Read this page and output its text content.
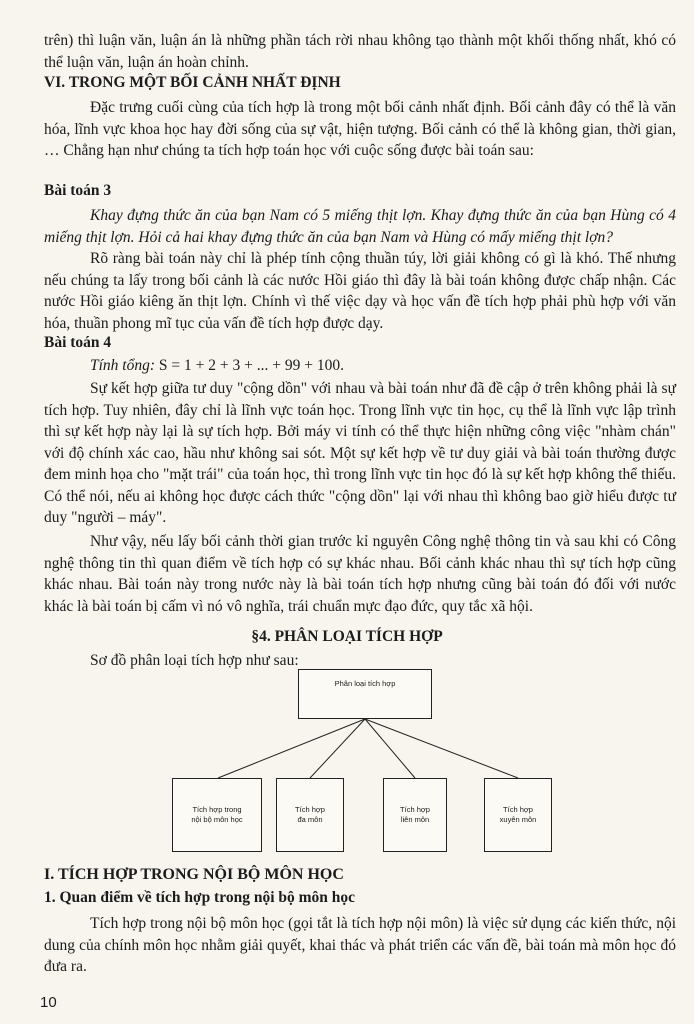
trên) thì luận văn, luận án là những phần tách rời nhau không tạo thành một khối thống nhất, khó có thể luận văn, luận án hoàn chỉnh.

VI. TRONG MỘT BỐI CẢNH NHẤT ĐỊNH

Đặc trưng cuối cùng của tích hợp là trong một bối cảnh nhất định. Bối cảnh đây có thể là văn hóa, lĩnh vực khoa học hay đời sống của sự vật, hiện tượng. Bối cảnh có thể là không gian, thời gian, … Chẳng hạn như chúng ta tích hợp toán học với cuộc sống được bài toán sau:

Bài toán 3

Khay đựng thức ăn của bạn Nam có 5 miếng thịt lợn. Khay đựng thức ăn của bạn Hùng có 4 miếng thịt lợn. Hỏi cả hai khay đựng thức ăn của bạn Nam và Hùng có mấy miếng thịt lợn?

Rõ ràng bài toán này chỉ là phép tính cộng thuần túy, lời giải không có gì là khó. Thế nhưng nếu chúng ta lấy trong bối cảnh là các nước Hồi giáo thì đây là bài toán không được chấp nhận. Các nước Hồi giáo kiêng ăn thịt lợn. Chính vì thế việc dạy và học vấn đề tích hợp phải phù hợp với văn hóa, thuần phong mĩ tục của vấn đề tích hợp được dạy.

Bài toán 4

Tính tổng: S = 1 + 2 + 3 + ... + 99 + 100.

Sự kết hợp giữa tư duy "cộng dồn" với nhau và bài toán như đã đề cập ở trên không phải là sự tích hợp. Tuy nhiên, đây chỉ là lĩnh vực toán học. Trong lĩnh vực tin học, cụ thể là lĩnh vực lập trình thì sự kết hợp này lại là sự tích hợp. Bởi máy vi tính có thể thực hiện những công việc "nhàm chán" với độ chính xác cao, hầu như không sai sót. Một sự kết hợp về tư duy giải và bài toán thường được đem minh họa cho "mặt trái" của toán học, thì trong lĩnh vực tin học đó là sự kết hợp không thể thiếu. Có thể nói, nếu ai không học được cách thức "cộng dồn" lại với nhau thì không bao giờ hiểu được tư duy "người – máy".

Như vậy, nếu lấy bối cảnh thời gian trước kỉ nguyên Công nghệ thông tin và sau khi có Công nghệ thông tin thì quan điểm về tích hợp có sự khác nhau. Bối cảnh khác nhau thì sự tích hợp cũng khác nhau. Bài toán này trong nước này là bài toán tích hợp nhưng cũng bài toán đó đối với nước khác là bài toán bị cấm vì nó vô nghĩa, trái chuẩn mực đạo đức, quy tắc xã hội.

§4. PHÂN LOẠI TÍCH HỢP

Sơ đồ phân loại tích hợp như sau:

Phân loại tích hợp
Tích hợp trong
nội bộ môn học
Tích hợp
đa môn
Tích hợp
liên môn
Tích hợp
xuyên môn
I. TÍCH HỢP TRONG NỘI BỘ MÔN HỌC
1. Quan điểm về tích hợp trong nội bộ môn học

Tích hợp trong nội bộ môn học (gọi tắt là tích hợp nội môn) là việc sử dụng các kiến thức, nội dung của chính môn học nhằm giải quyết, khai thác và phát triển các vấn đề, bài toán mà môn học đó đưa ra.

10
